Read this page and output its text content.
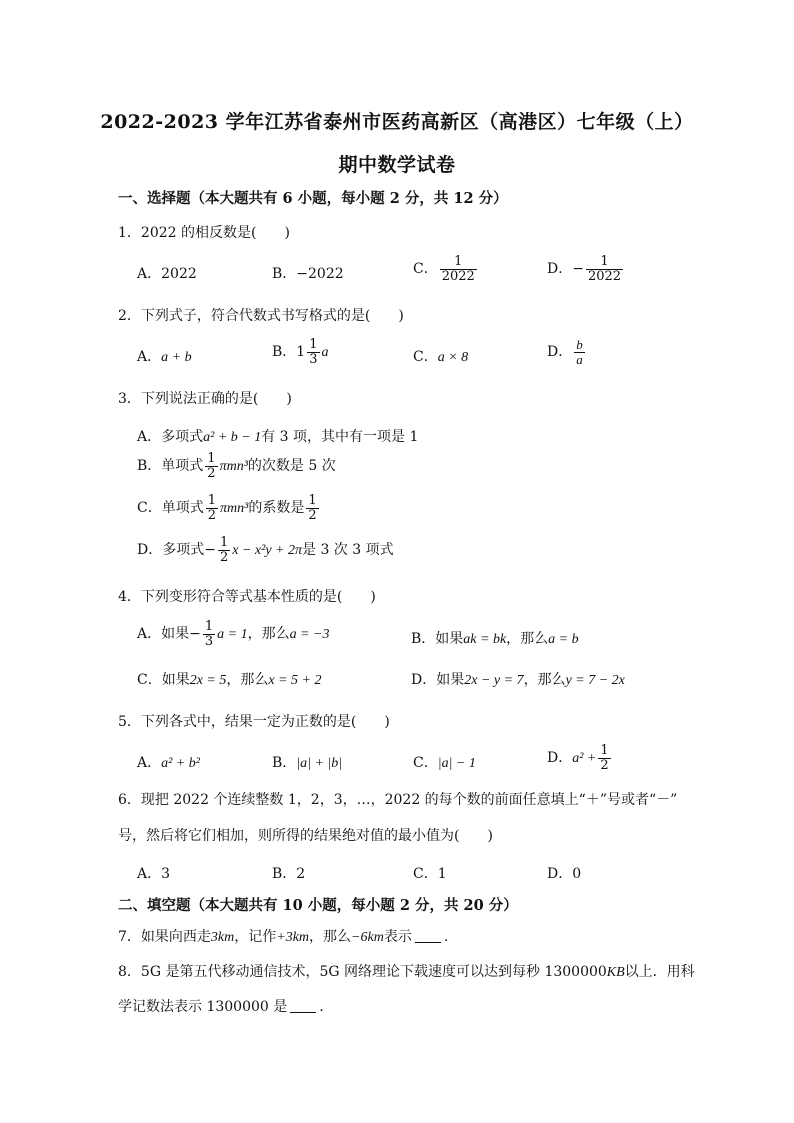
2022-2023 学年江苏省泰州市医药高新区（高港区）七年级（上）
期中数学试卷
一、选择题（本大题共有 6 小题，每小题 2 分，共 12 分）
1．2022 的相反数是(　　)
A．2022	B．−2022	C． $\frac{1}{2022}$	D．− $\frac{1}{2022}$
2．下列式子，符合代数式书写格式的是(　　)
A．a + b	B．$1 \frac{1}{3}$ a	C．a × 8	D． $\frac{b}{a}$
3．下列说法正确的是(　　)
A．多项式a² + b − 1有 3 项，其中有一项是 1
B．单项式 $\frac{1}{2} \pi mn^3$的次数是 5 次
C．单项式 $\frac{1}{2} \pi mn^3$的系数是 $\frac{1}{2}$
D．多项式− $\frac{1}{2}$ x − x²y + 2π是 3 次 3 项式
4．下列变形符合等式基本性质的是(　　)
A．如果− $\frac{1}{3}$ a = 1，那么a = −3	B．如果ak = bk，那么a = b
C．如果2x = 5，那么x = 5 + 2	D．如果2x − y = 7，那么y = 7 − 2x
5．下列各式中，结果一定为正数的是(　　)
A．a² + b²	B．|a| + |b|	C．|a| − 1	D．$a^2 + \frac{1}{2}$
6．现把 2022 个连续整数 1，2，3，…，2022 的每个数的前面任意填上“＋”号或者“－”
号，然后将它们相加，则所得的结果绝对值的最小值为(　　)
A．3	B．2	C．1	D．0
二、填空题（本大题共有 10 小题，每小题 2 分，共 20 分）
7．如果向西走3km，记作+3km，那么−6km表示 .
8．5G 是第五代移动通信技术，5G 网络理论下载速度可以达到每秒 1300000KB以上．用科
学记数法表示 1300000 是 .
